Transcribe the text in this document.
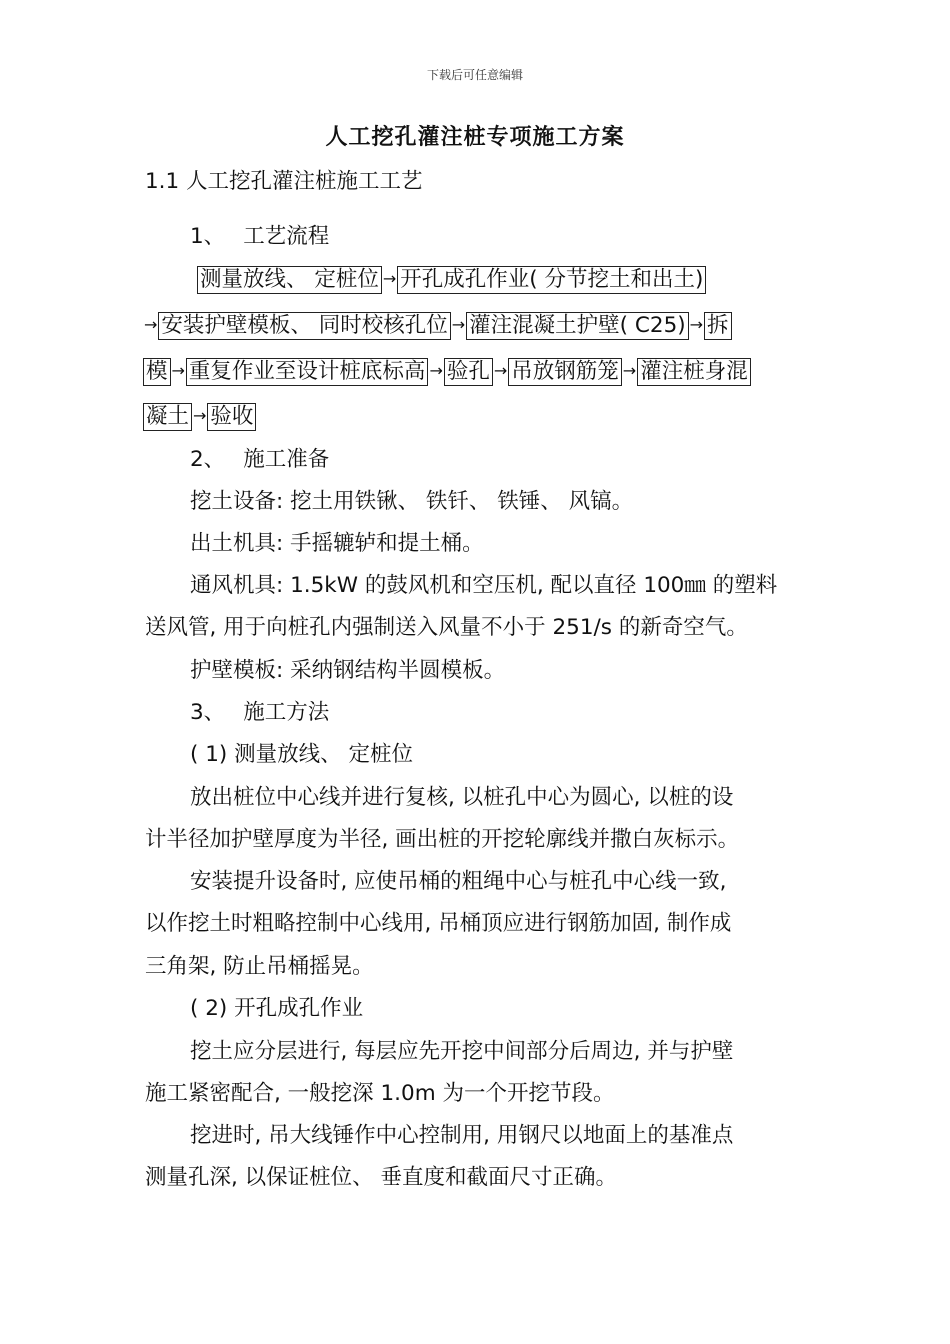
下载后可任意编辑
人工挖孔灌注桩专项施工方案
1.1 人工挖孔灌注桩施工工艺
1、 工艺流程
测量放线、 定桩位 → 开孔成孔作业( 分节挖土和出土)
→ 安装护壁模板、 同时校核孔位 → 灌注混凝土护壁( C25) → 拆
模 → 重复作业至设计桩底标高 → 验孔 → 吊放钢筋笼 → 灌注桩身混
凝土 → 验收
2、 施工准备
挖土设备: 挖土用铁锹、 铁钎、 铁锤、 风镐。
出土机具: 手摇辘轳和提土桶。
通风机具: 1.5kW 的鼓风机和空压机, 配以直径 100㎜ 的塑料
送风管, 用于向桩孔内强制送入风量不小于 251/s 的新奇空气。
护壁模板: 采纳钢结构半圆模板。
3、 施工方法
( 1) 测量放线、 定桩位
放出桩位中心线并进行复核, 以桩孔中心为圆心, 以桩的设
计半径加护壁厚度为半径, 画出桩的开挖轮廓线并撒白灰标示。
安装提升设备时, 应使吊桶的粗绳中心与桩孔中心线一致,
以作挖土时粗略控制中心线用, 吊桶顶应进行钢筋加固, 制作成
三角架, 防止吊桶摇晃。
( 2) 开孔成孔作业
挖土应分层进行, 每层应先开挖中间部分后周边, 并与护壁
施工紧密配合, 一般挖深 1.0m 为一个开挖节段。
挖进时, 吊大线锤作中心控制用, 用钢尺以地面上的基准点
测量孔深, 以保证桩位、 垂直度和截面尺寸正确。
